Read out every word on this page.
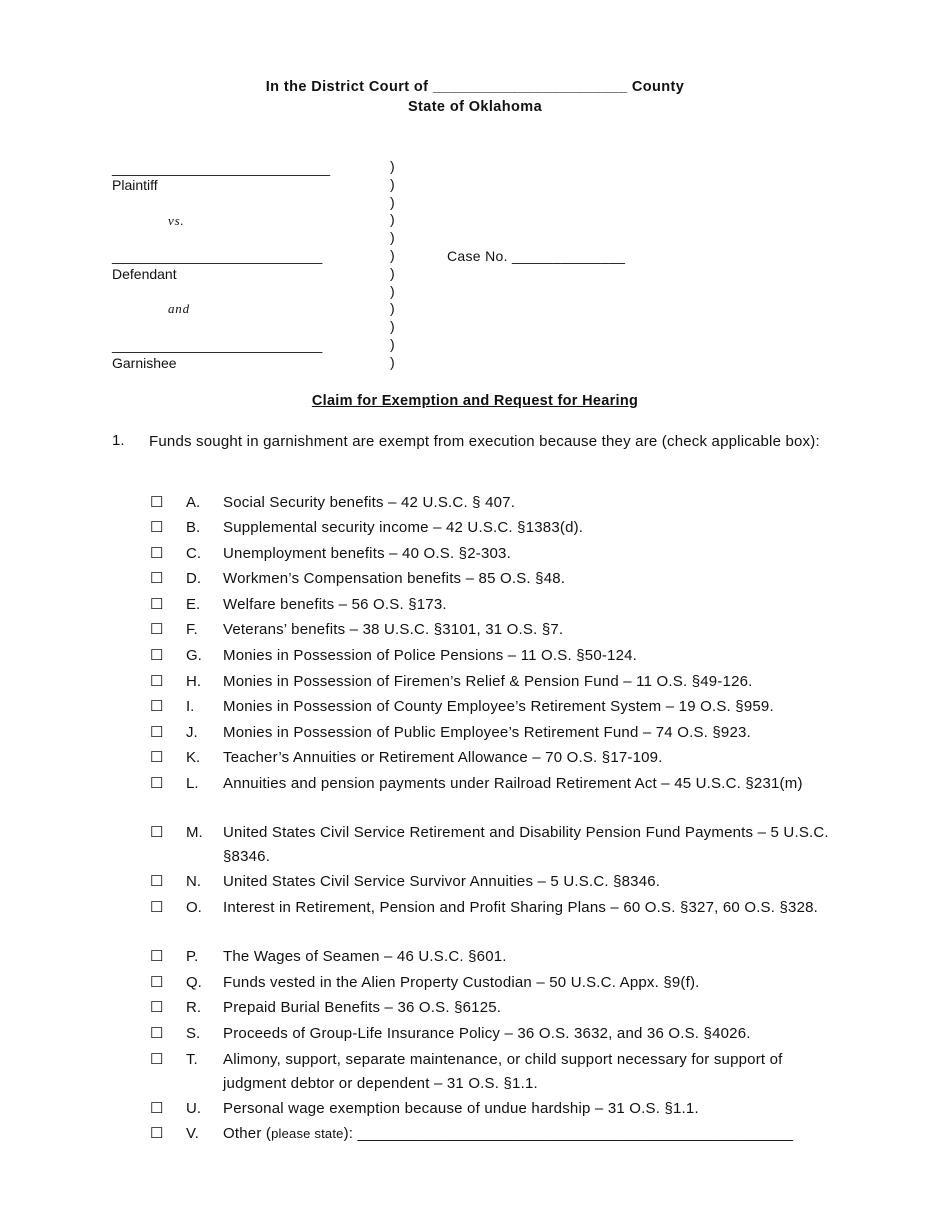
In the District Court of _______________________ County
State of Oklahoma
____________________________
Plaintiff
vs.
___________________________
Defendant
and
___________________________
Garnishee
)
)
)
)
)
)
)
)
)
)
)
)
Case No. ______________
Claim for Exemption and Request for Hearing
1. Funds sought in garnishment are exempt from execution because they are (check applicable box):
☐ A. Social Security benefits – 42 U.S.C. § 407.
☐ B. Supplemental security income – 42 U.S.C. §1383(d).
☐ C. Unemployment benefits – 40 O.S. §2-303.
☐ D. Workmen’s Compensation benefits – 85 O.S. §48.
☐ E. Welfare benefits – 56 O.S. §173.
☐ F. Veterans’ benefits – 38 U.S.C. §3101, 31 O.S. §7.
☐ G. Monies in Possession of Police Pensions – 11 O.S. §50-124.
☐ H. Monies in Possession of Firemen’s Relief & Pension Fund – 11 O.S. §49-126.
☐ I. Monies in Possession of County Employee’s Retirement System – 19 O.S. §959.
☐ J. Monies in Possession of Public Employee’s Retirement Fund – 74 O.S. §923.
☐ K. Teacher’s Annuities or Retirement Allowance – 70 O.S. §17-109.
☐ L. Annuities and pension payments under Railroad Retirement Act – 45 U.S.C. §231(m)
☐ M. United States Civil Service Retirement and Disability Pension Fund Payments – 5 U.S.C. §8346.
☐ N. United States Civil Service Survivor Annuities – 5 U.S.C. §8346.
☐ O. Interest in Retirement, Pension and Profit Sharing Plans – 60 O.S. §327, 60 O.S. §328.
☐ P. The Wages of Seamen – 46 U.S.C. §601.
☐ Q. Funds vested in the Alien Property Custodian – 50 U.S.C. Appx. §9(f).
☐ R. Prepaid Burial Benefits – 36 O.S. §6125.
☐ S. Proceeds of Group-Life Insurance Policy – 36 O.S. 3632, and 36 O.S. §4026.
☐ T. Alimony, support, separate maintenance, or child support necessary for support of judgment debtor or dependent – 31 O.S. §1.1.
☐ U. Personal wage exemption because of undue hardship – 31 O.S. §1.1.
☐ V. Other (please state): ___________________________________________________
